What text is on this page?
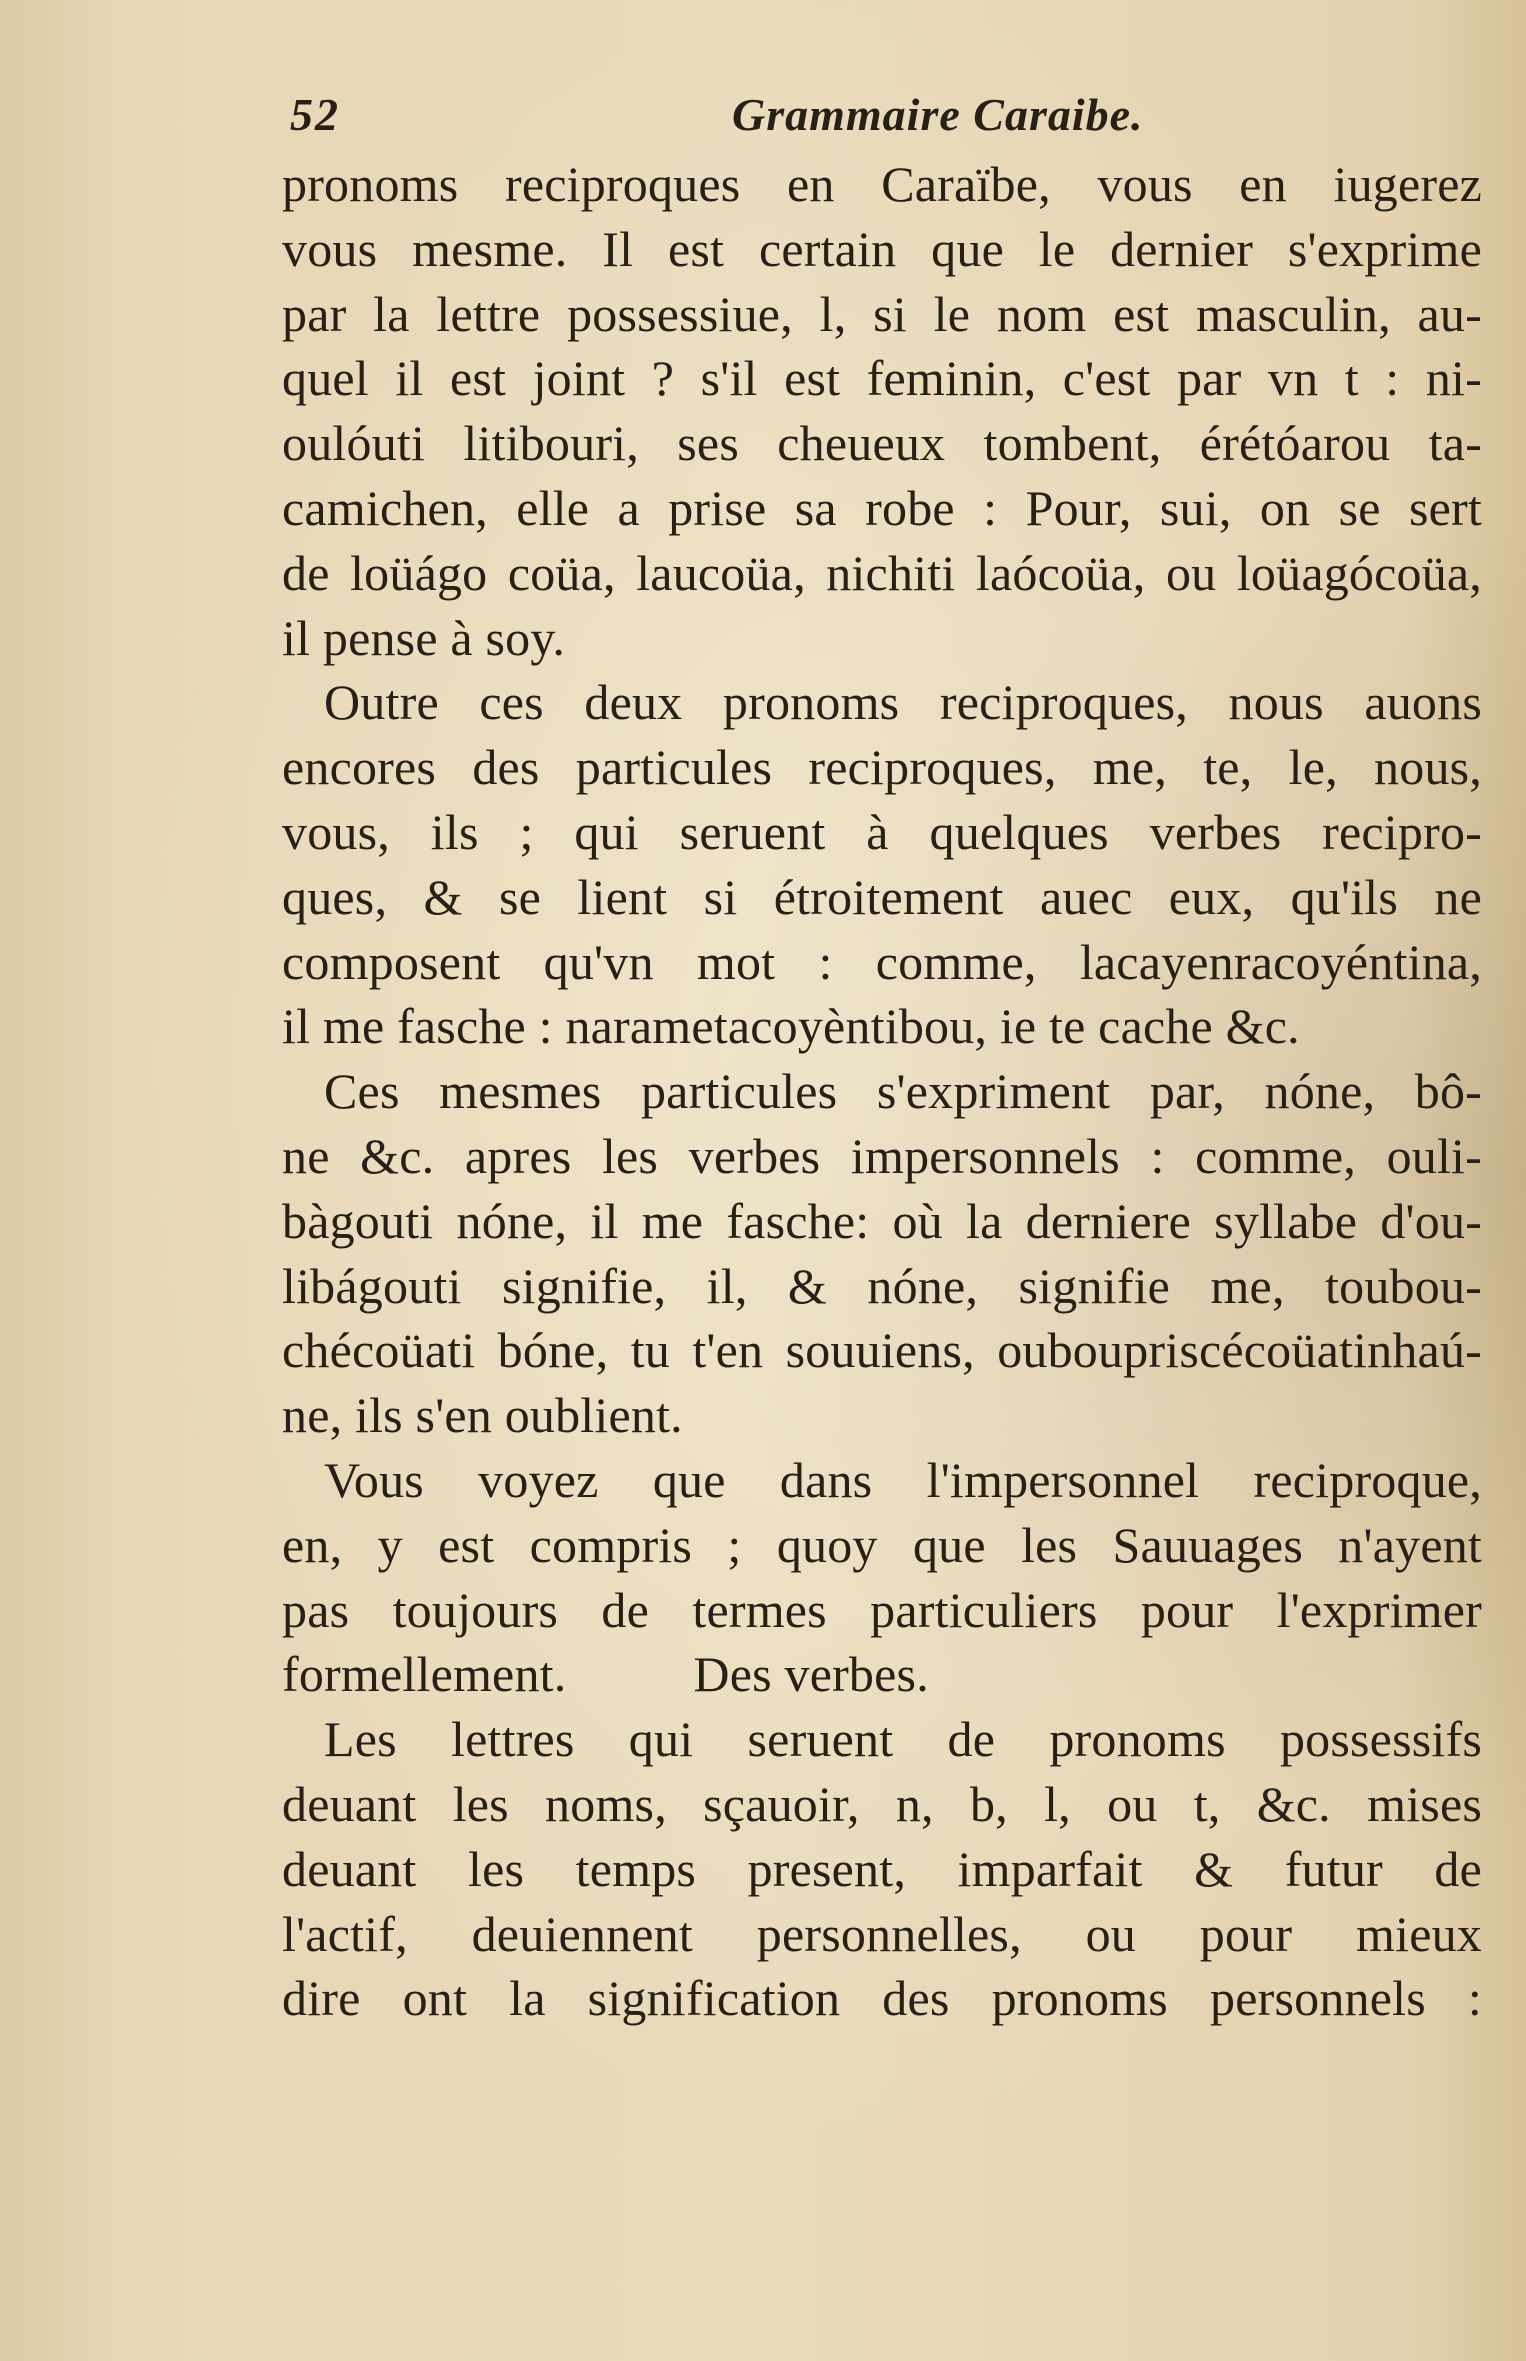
52	Grammaire Caraibe.
pronoms reciproques en Caraïbe, vous en iugerez
vous mesme. Il est certain que le dernier s'exprime
par la lettre possessiue, l, si le nom est masculin, au-
quel il est joint ? s'il est feminin, c'est par vn t : ni-
oulóuti litibouri, ses cheueux tombent, érétóarou ta-
camichen, elle a prise sa robe : Pour, sui, on se sert
de loüágo coüa, laucoüa, nichiti laócoüa, ou loüagócoüa,
il pense à soy.
Outre ces deux pronoms reciproques, nous auons
encores des particules reciproques, me, te, le, nous,
vous, ils ; qui seruent à quelques verbes recipro-
ques, & se lient si étroitement auec eux, qu'ils ne
composent qu'vn mot : comme, lacayenracoyéntina,
il me fasche : narametacoyèntibou, ie te cache &c.
Ces mesmes particules s'expriment par, nóne, bô-
ne &c. apres les verbes impersonnels : comme, ouli-
bàgouti nóne, il me fasche: où la derniere syllabe d'ou-
libágouti signifie, il, & nóne, signifie me, toubou-
chécoüati bóne, tu t'en souuiens, ouboupriscécoüatinhaú-
ne, ils s'en oublient.
Vous voyez que dans l'impersonnel reciproque,
en, y est compris ; quoy que les Sauuages n'ayent
pas toujours de termes particuliers pour l'exprimer
formellement.          Des verbes.
Les lettres qui seruent de pronoms possessifs
deuant les noms, sçauoir, n, b, l, ou t, &c. mises
deuant les temps present, imparfait & futur de
l'actif, deuiennent personnelles, ou pour mieux
dire ont la signification des pronoms personnels :
